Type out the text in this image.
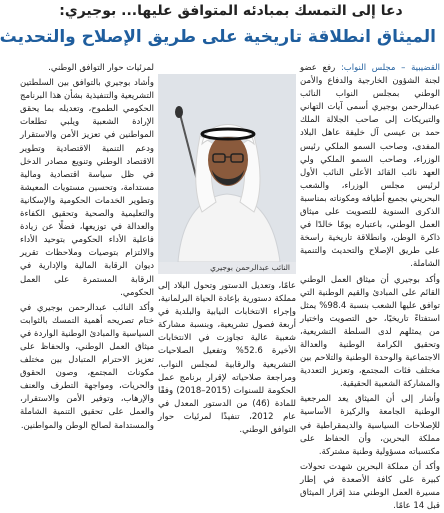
دعا إلى التمسك بمبادئه المتوافق عليها... بوجيري:
الميثاق انطلاقة تاريخية على طريق الإصلاح والتحديث

القضيبية – مجلس النواب: رفع عضو لجنة الشؤون الخارجية والدفاع والأمن الوطني بمجلس النواب النائب عبدالرحمن بوجيري أسمى آيات التهاني والتبريكات إلى صاحب الجلالة الملك حمد بن عيسى آل خليفة عاهل البلاد المفدى، وصاحب السمو الملكي رئيس الوزراء، وصاحب السمو الملكي ولي العهد نائب القائد الأعلى النائب الأول لرئيس مجلس الوزراء، والشعب البحريني بجميع أطيافه ومكوناته بمناسبة الذكرى السنوية للتصويت على ميثاق العمل الوطني، باعتباره يومًا خالدًا في ذاكرة الوطن، وانطلاقة تاريخية راسخة على طريق الإصلاح والتحديث والتنمية الشاملة.

وأكد بوجيري أن ميثاق العمل الوطني القائم على المبادئ والقيم الوطنية التي توافق عليها الشعب بنسبة 98.4% يمثل استفتاءً تاريخيًا، حق التصويت واختيار من يمثلهم لدى السلطة التشريعية، وتحقيق الكرامة الوطنية والعدالة الاجتماعية والوحدة الوطنية والتلاحم بين مختلف فئات المجتمع، وتعزيز التعددية والمشاركة الشعبية الحقيقية.

وأشار إلى أن الميثاق يعد المرجعية الوطنية الجامعة والركيزة الأساسية للإصلاحات السياسية والديمقراطية في مملكة البحرين، وأن الحفاظ على مكتسباته مسؤولية وطنية مشتركة.

وأكد أن مملكة البحرين شهدت تحولات كبيرة على كافة الأصعدة في إطار مسيرة العمل الوطني منذ إقرار الميثاق قبل 14 عامًا.

النائب عبدالرحمن بوجيري

عامًا، وتعديل الدستور وتحول البلاد إلى مملكة دستورية بإعادة الحياة البرلمانية، وإجراء الانتخابات النيابية والبلدية في أربعة فصول تشريعية، وبنسبة مشاركة شعبية عالية تجاوزت في الانتخابات الأخيرة 52.6% وتفعيل الصلاحيات التشريعية والرقابية لمجلس النواب، ومراجعة صلاحياته لإقرار برنامج عمل الحكومة للسنوات (2015–2018) وفقًا للمادة (46) من الدستور المعدل في عام 2012، تنفيذًا لمرئيات حوار التوافق الوطني.

لمرئيات حوار التوافق الوطني.

وأشاد بوجيري بالتوافق بين السلطتين التشريعية والتنفيذية بشأن هذا البرنامج الحكومي الطموح، وتعديله بما يحقق الإرادة الشعبية ويلبي تطلعات المواطنين في تعزيز الأمن والاستقرار ودعم التنمية الاقتصادية وتطوير الاقتصاد الوطني وتنويع مصادر الدخل في ظل سياسة اقتصادية ومالية مستدامة، وتحسين مستويات المعيشة وتطوير الخدمات الحكومية والإسكانية والتعليمية والصحية وتحقيق الكفاءة والعدالة في توزيعها، فضلًا عن زيادة فاعلية الأداء الحكومي بتوحيد الأداء والالتزام بتوصيات وملاحظات تقرير ديوان الرقابة المالية والإدارية في الرقابة المستمرة على العمل الحكومي.

وأكد النائب عبدالرحمن بوجيري في ختام تصريحه أهمية التمسك بالثوابت السياسية والمبادئ الوطنية الواردة في ميثاق العمل الوطني، والحفاظ على تعزيز الاحترام المتبادل بين مختلف مكونات المجتمع، وصون الحقوق والحريات، ومواجهة التطرف والعنف والإرهاب، وتوفير الأمن والاستقرار، والعمل على تحقيق التنمية الشاملة والمستدامة لصالح الوطن والمواطنين.
